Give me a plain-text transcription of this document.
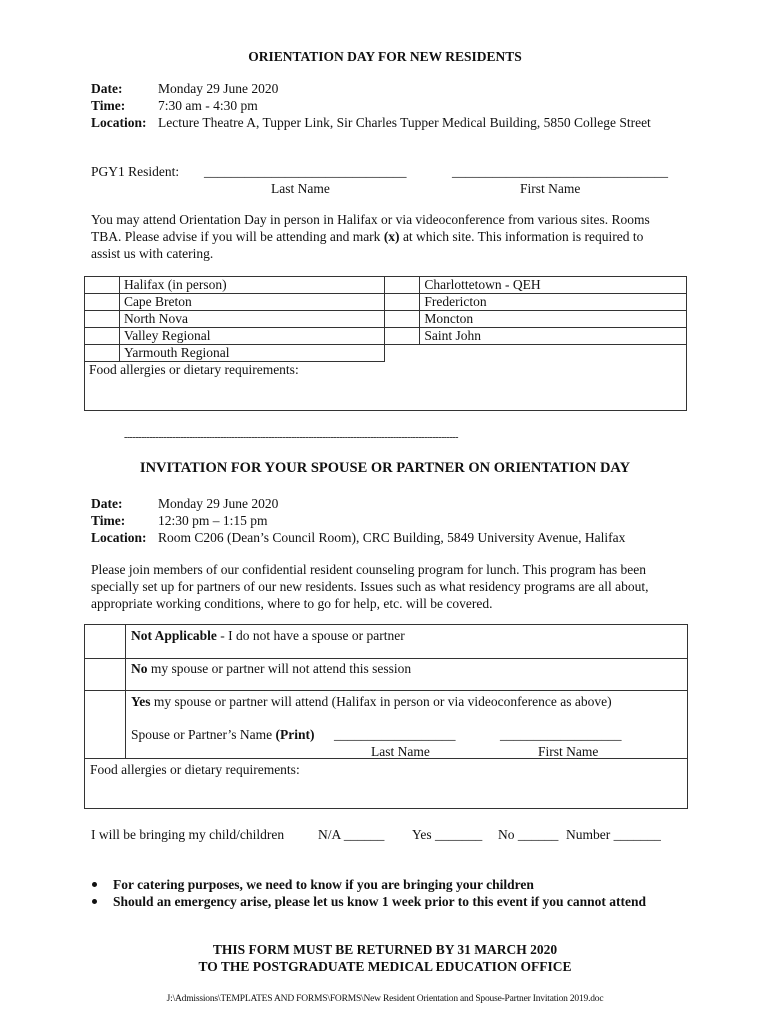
ORIENTATION DAY FOR NEW RESIDENTS
Date:	Monday 29 June 2020
Time: 7:30 am - 4:30 pm
Location: Lecture Theatre A, Tupper Link, Sir Charles Tupper Medical Building, 5850 College Street
PGY1 Resident: ______________________________	________________________________
Last Name	First Name
You may attend Orientation Day in person in Halifax or via videoconference from various sites. Rooms
TBA. Please advise if you will be attending and mark (x) at which site. This information is required to
assist us with catering.
	Halifax (in person)		Charlottetown - QEH
	Cape Breton		Fredericton
	North Nova		Moncton
	Valley Regional		Saint John
	Yarmouth Regional		
Food allergies or dietary requirements:			
----------------------------------------------------------------------------------------------------------------------
INVITATION FOR YOUR SPOUSE OR PARTNER ON ORIENTATION DAY
Date:	Monday 29 June 2020
Time: 12:30 pm – 1:15 pm
Location: Room C206 (Dean’s Council Room), CRC Building, 5849 University Avenue, Halifax
Please join members of our confidential resident counseling program for lunch. This program has been
specially set up for partners of our new residents. Issues such as what residency programs are all about,
appropriate working conditions, where to go for help, etc. will be covered.
Not Applicable - I do not have a spouse or partner
No my spouse or partner will not attend this session
Yes my spouse or partner will attend (Halifax in person or via videoconference as above)
Spouse or Partner’s Name (Print) __________________	__________________
Last Name	First Name
Food allergies or dietary requirements:
I will be bringing my child/children	N/A ______ Yes _______ No ______ Number _______
For catering purposes, we need to know if you are bringing your children
Should an emergency arise, please let us know 1 week prior to this event if you cannot attend
THIS FORM MUST BE RETURNED BY 31 MARCH 2020
TO THE POSTGRADUATE MEDICAL EDUCATION OFFICE
J:\Admissions\TEMPLATES AND FORMS\FORMS\New Resident Orientation and Spouse-Partner Invitation 2019.doc
